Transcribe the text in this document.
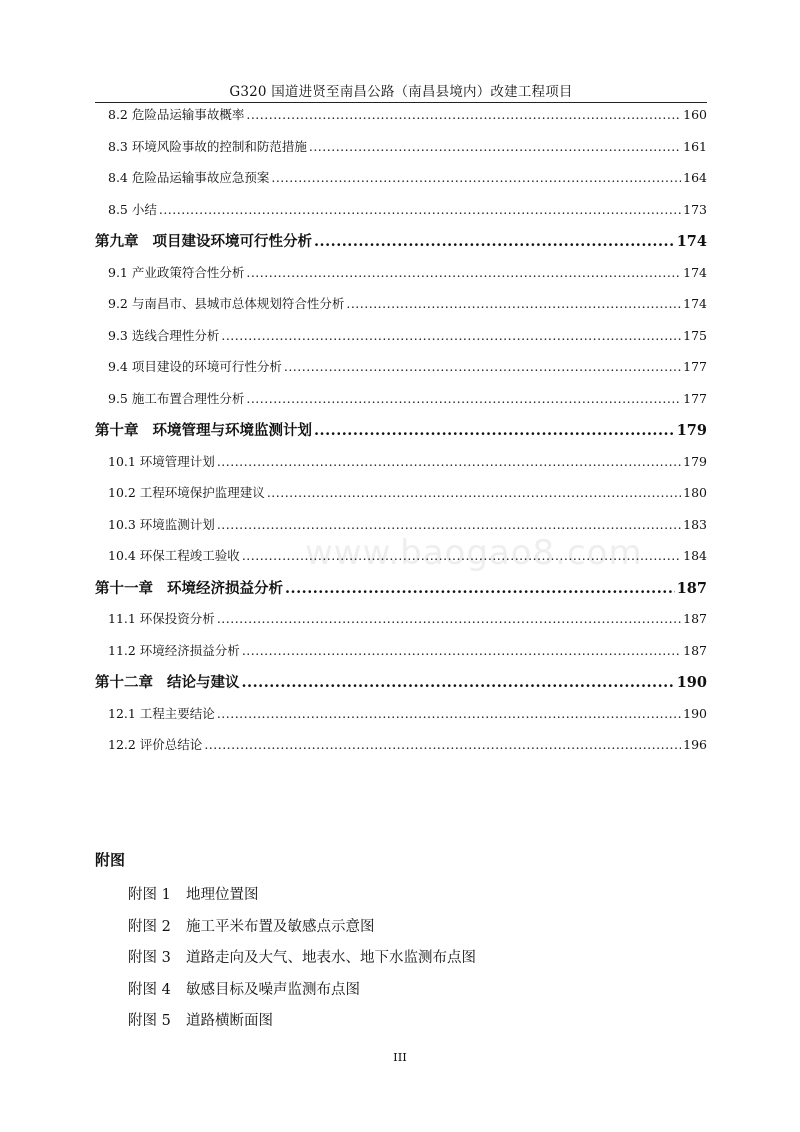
G320 国道进贤至南昌公路（南昌县境内）改建工程项目
www.baogao8.com
8.2 危险品运输事故概率 .....	160
8.3 环境风险事故的控制和防范措施 .....	161
8.4 危险品运输事故应急预案 .....	164
8.5 小结 .....	173
第九章 项目建设环境可行性分析 .....	174
9.1 产业政策符合性分析 .....	174
9.2 与南昌市、县城市总体规划符合性分析 .....	174
9.3 选线合理性分析 .....	175
9.4 项目建设的环境可行性分析 .....	177
9.5 施工布置合理性分析 .....	177
第十章 环境管理与环境监测计划 .....	179
10.1 环境管理计划 .....	179
10.2 工程环境保护监理建议 .....	180
10.3 环境监测计划 .....	183
10.4 环保工程竣工验收 .....	184
第十一章 环境经济损益分析 .....	187
11.1 环保投资分析 .....	187
11.2 环境经济损益分析 .....	187
第十二章 结论与建议 .....	190
12.1 工程主要结论 .....	190
12.2 评价总结论 .....	196
附图
附图 1 地理位置图
附图 2 施工平米布置及敏感点示意图
附图 3 道路走向及大气、地表水、地下水监测布点图
附图 4 敏感目标及噪声监测布点图
附图 5 道路横断面图
III
